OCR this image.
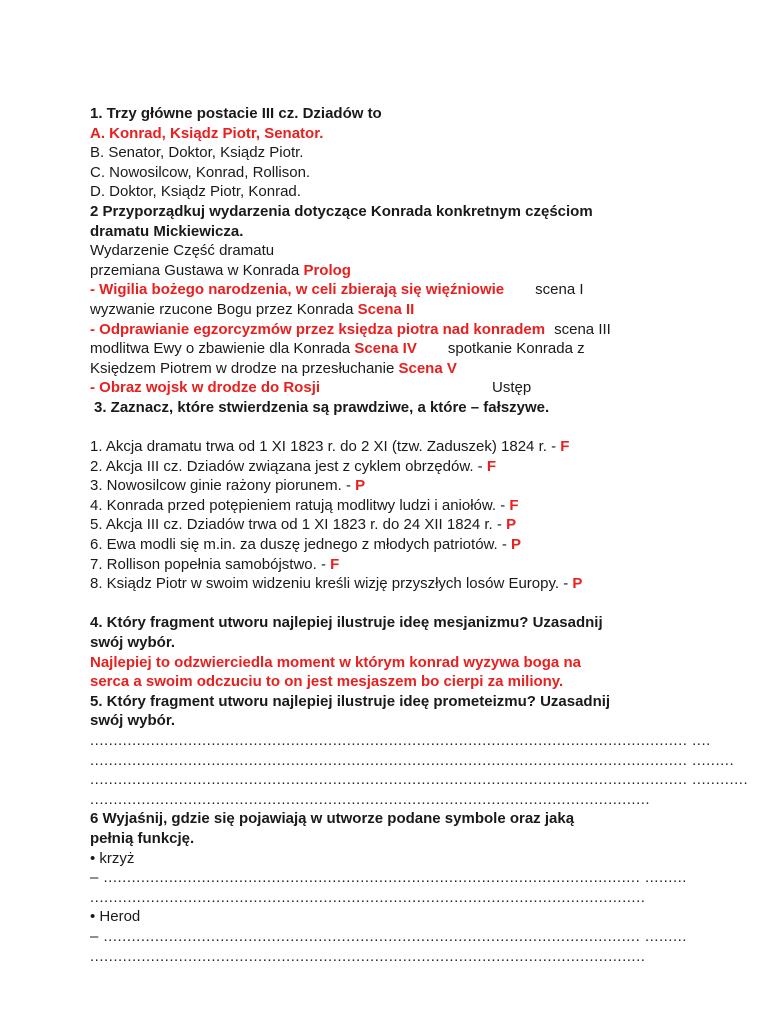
1. Trzy główne postacie III cz. Dziadów to
A. Konrad, Ksiądz Piotr, Senator.
B. Senator, Doktor, Ksiądz Piotr.
C. Nowosilcow, Konrad, Rollison.
D. Doktor, Ksiądz Piotr, Konrad.
2 Przyporządkuj wydarzenia dotyczące Konrada konkretnym częściom
dramatu Mickiewicza.
Wydarzenie Część dramatu
przemiana Gustawa w Konrada Prolog
- Wigilia bożego narodzenia, w celi zbierają się więźniowie scena I
wyzwanie rzucone Bogu przez Konrada Scena II
- Odprawianie egzorcyzmów przez księdza piotra nad konradem scena III
modlitwa Ewy o zbawienie dla Konrada Scena IV spotkanie Konrada z
Księdzem Piotrem w drodze na przesłuchanie Scena V
- Obraz wojsk w drodze do Rosji	Ustęp
3. Zaznacz, które stwierdzenia są prawdziwe, a które – fałszywe.
1. Akcja dramatu trwa od 1 XI 1823 r. do 2 XI (tzw. Zaduszek) 1824 r. - F
2. Akcja III cz. Dziadów związana jest z cyklem obrzędów. - F
3. Nowosilcow ginie rażony piorunem. - P
4. Konrada przed potępieniem ratują modlitwy ludzi i aniołów. - F
5. Akcja III cz. Dziadów trwa od 1 XI 1823 r. do 24 XII 1824 r. - P
6. Ewa modli się m.in. za duszę jednego z młodych patriotów. - P
7. Rollison popełnia samobójstwo. - F
8. Ksiądz Piotr w swoim widzeniu kreśli wizję przyszłych losów Europy. - P
4. Który fragment utworu najlepiej ilustruje ideę mesjanizmu? Uzasadnij
swój wybór.
Najlepiej to odzwierciedla moment w którym konrad wyzywa boga na
serca a swoim odczuciu to on jest mesjaszem bo cierpi za miliony.
5. Który fragment utworu najlepiej ilustruje ideę prometeizmu? Uzasadnij
swój wybór.
................................................................................................................................ ....
................................................................................................................................ .........
................................................................................................................................ ............
........................................................................................................................
6 Wyjaśnij, gdzie się pojawiają w utworze podane symbole oraz jaką
pełnią funkcję.
• krzyż
– ................................................................................................................... .........
.......................................................................................................................
• Herod
– ................................................................................................................... .........
.......................................................................................................................
